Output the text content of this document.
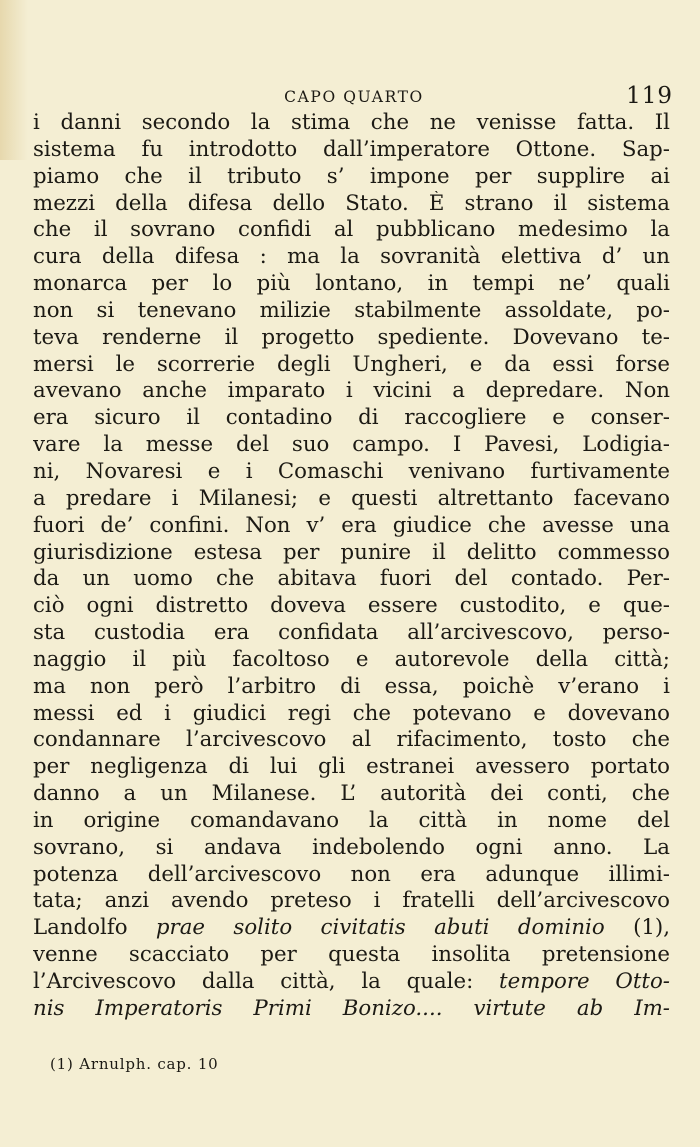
CAPO QUARTO	119
i danni secondo la stima che ne venisse fatta. Il
sistema fu introdotto dall’imperatore Ottone. Sap-
piamo che il tributo s’ impone per supplire ai
mezzi della difesa dello Stato. È strano il sistema
che il sovrano confidi al pubblicano medesimo la
cura della difesa : ma la sovranità elettiva d’ un
monarca per lo più lontano, in tempi ne’ quali
non si tenevano milizie stabilmente assoldate, po-
teva renderne il progetto spediente. Dovevano te-
mersi le scorrerie degli Ungheri, e da essi forse
avevano anche imparato i vicini a depredare. Non
era sicuro il contadino di raccogliere e conser-
vare la messe del suo campo. I Pavesi, Lodigia-
ni, Novaresi e i Comaschi venivano furtivamente
a predare i Milanesi; e questi altrettanto facevano
fuori de’ confini. Non v’ era giudice che avesse una
giurisdizione estesa per punire il delitto commesso
da un uomo che abitava fuori del contado. Per-
ciò ogni distretto doveva essere custodito, e que-
sta custodia era confidata all’arcivescovo, perso-
naggio il più facoltoso e autorevole della città;
ma non però l’arbitro di essa, poichè v’erano i
messi ed i giudici regi che potevano e dovevano
condannare l’arcivescovo al rifacimento, tosto che
per negligenza di lui gli estranei avessero portato
danno a un Milanese. L’ autorità dei conti, che
in origine comandavano la città in nome del
sovrano, si andava indebolendo ogni anno. La
potenza dell’arcivescovo non era adunque illimi-
tata; anzi avendo preteso i fratelli dell’arcivescovo
Landolfo prae solito civitatis abuti dominio (1),
venne scacciato per questa insolita pretensione
l’Arcivescovo dalla città, la quale: tempore Otto-
nis Imperatoris Primi Bonizo.... virtute ab Im-
(1) Arnulph. cap. 10
